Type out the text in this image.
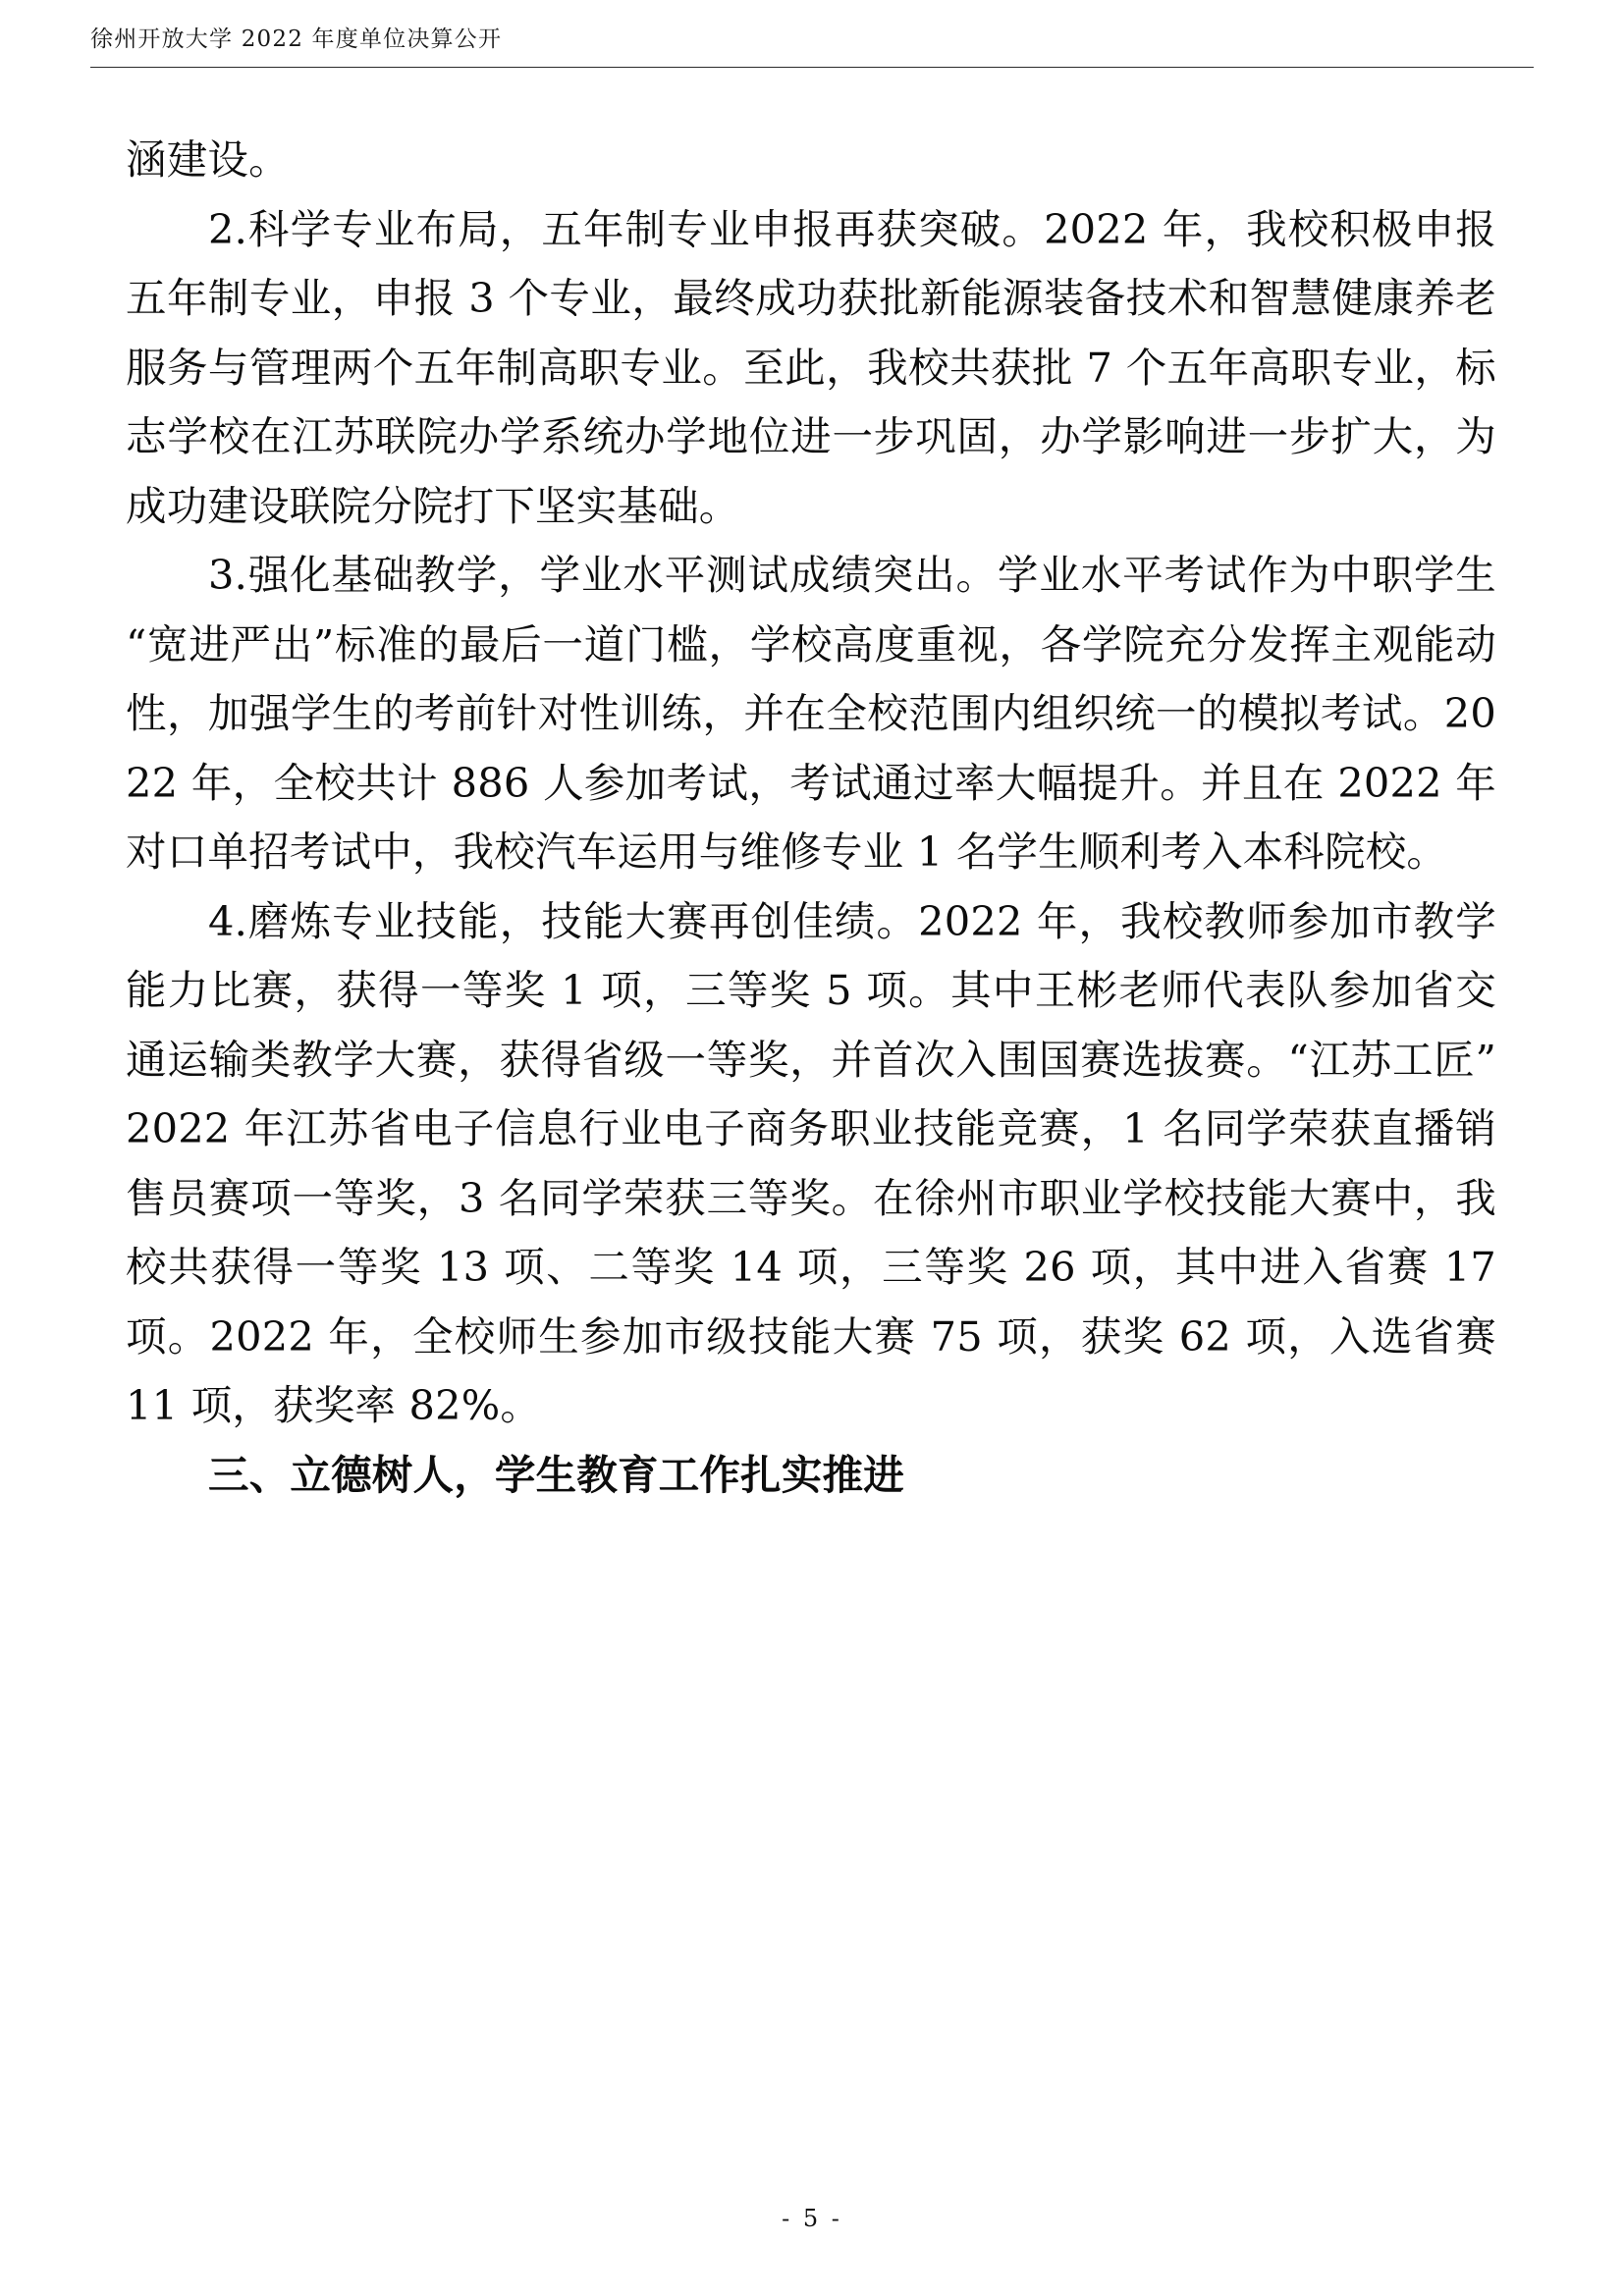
徐州开放大学 2022 年度单位决算公开

涵建设。

2.科学专业布局，五年制专业申报再获突破。2022 年，我校积极申报五年制专业，申报 3 个专业，最终成功获批新能源装备技术和智慧健康养老服务与管理两个五年制高职专业。至此，我校共获批 7 个五年高职专业，标志学校在江苏联院办学系统办学地位进一步巩固，办学影响进一步扩大，为成功建设联院分院打下坚实基础。

3.强化基础教学，学业水平测试成绩突出。学业水平考试作为中职学生“宽进严出”标准的最后一道门槛，学校高度重视，各学院充分发挥主观能动性，加强学生的考前针对性训练，并在全校范围内组织统一的模拟考试。2022 年，全校共计 886 人参加考试，考试通过率大幅提升。并且在 2022 年对口单招考试中，我校汽车运用与维修专业 1 名学生顺利考入本科院校。

4.磨炼专业技能，技能大赛再创佳绩。2022 年，我校教师参加市教学能力比赛，获得一等奖 1 项，三等奖 5 项。其中王彬老师代表队参加省交通运输类教学大赛，获得省级一等奖，并首次入围国赛选拔赛。“江苏工匠”2022 年江苏省电子信息行业电子商务职业技能竞赛，1 名同学荣获直播销售员赛项一等奖，3 名同学荣获三等奖。在徐州市职业学校技能大赛中，我校共获得一等奖 13 项、二等奖 14 项，三等奖 26 项，其中进入省赛 17 项。2022 年，全校师生参加市级技能大赛 75 项，获奖 62 项，入选省赛 11 项，获奖率 82%。

三、立德树人，学生教育工作扎实推进

- 5 -
